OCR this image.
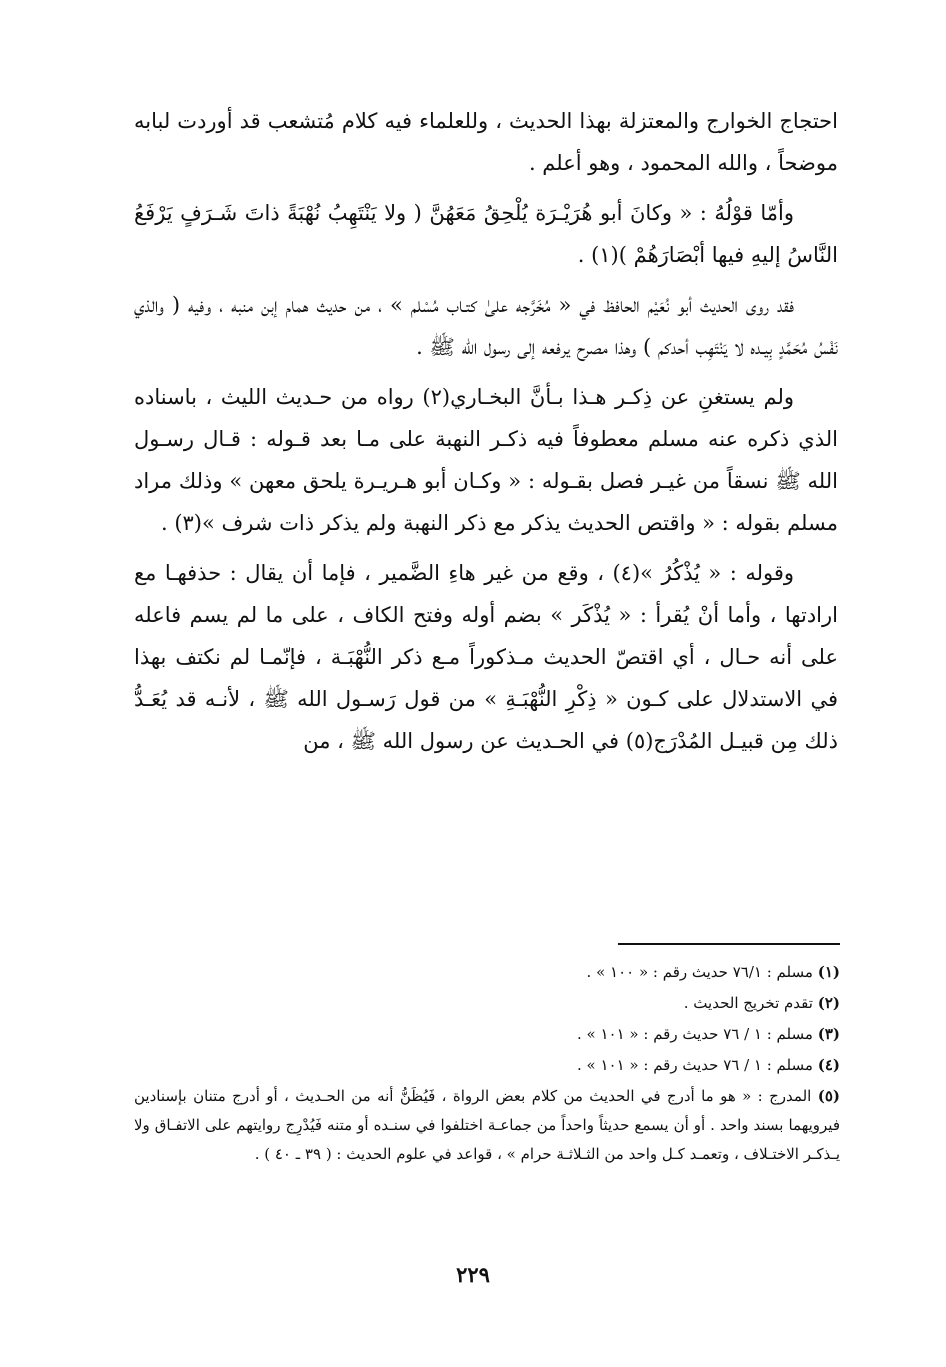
احتجاج الخوارج والمعتزلة بهذا الحديث ، وللعلماء فيه كلام مُتشعب قد أوردت لبابه موضحاً ، والله المحمود ، وهو أعلم .

وأمّا قوْلُهُ : « وكانَ أبو هُرَيْـرَة يُلْحِقُ مَعَهُنَّ ( ولا يَنْتَهِبُ نُهْبَةً ذاتَ شَـرَفٍ يَرْفَعُ النَّاسُ إليهِ فيها أبْصَارَهُمْ )(١) .

فقد روى الحديث أبو نُعَيْم الحافظ في « مُخَرَّجه علىٰ كتـاب مُسْلم » ، من حديث همام إبن منبه ، وفيه ( والذي نَفْسُ مُحَمَّدٍ بِيـده لا يَنْتَهِب أحدكم ) وهذا مصرح يرفعه إلى رسول الله ﷺ .

ولم يستغنِ عن ذِكـر هـذا بـأنَّ البخـاري(٢) رواه من حـديث الليث ، باسناده الذي ذكره عنه مسلم معطوفاً فيه ذكـر النهبة على مـا بعد قـوله : قـال رسـول الله ﷺ نسقاً من غيـر فصل بقـوله : « وكـان أبو هـريـرة يلحق معهن » وذلك مراد مسلم بقوله : « واقتص الحديث يذكر مع ذكر النهبة ولم يذكر ذات شرف »(٣) .

وقوله : « يُذْكُرُ »(٤) ، وقع من غير هاءِ الضَّمير ، فإما أن يقال : حذفهـا مع ارادتها ، وأما أنْ يُقرأ : « يُذْكَر » بضم أوله وفتح الكاف ، على ما لم يسم فاعله على أنه حـال ، أي اقتصّ الحديث مـذكوراً مـع ذكر النُّهْبَـة ، فإنّمـا لم نكتف بهذا في الاستدلال على كـون « ذِكْرِ النُّهْبَـةِ » من قول رَسـول الله ﷺ ، لأنـه قد يُعَـدُّ ذلك مِن قبيـل المُدْرَج(٥) في الحـديث عن رسول الله ﷺ ، من

(١) مسلم : ٧٦/١ حديث رقم : « ١٠٠ » .

(٢) تقدم تخريج الحديث .

(٣) مسلم : ١ / ٧٦ حديث رقم : « ١٠١ » .

(٤) مسلم : ١ / ٧٦ حديث رقم : « ١٠١ » .

(٥) المدرج : « هو ما أدرج في الحديث من كلام بعض الرواة ، فَيُظَنُّ أنه من الحـديث ، أو أدرج متنان بإسنادين فيرويهما بسند واحد . أو أن يسمع حديثاً واحداً من جماعـة اختلفوا في سنـده أو متنه فَيُدْرِج روايتهم على الاتفـاق ولا يـذكـر الاختـلاف ، وتعمـد كـل واحد من الثـلاثـة حرام » ، قواعد في علوم الحديث : ( ٣٩ ـ ٤٠ ) .

٢٢٩
